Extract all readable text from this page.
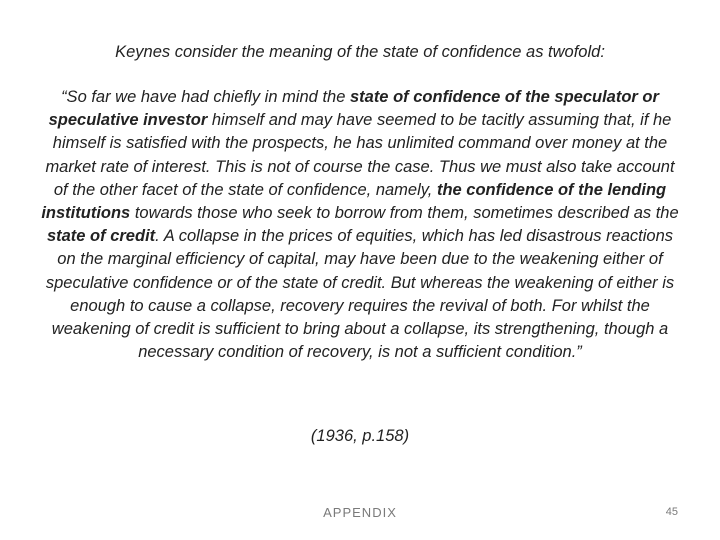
Keynes consider the meaning of the state of confidence as twofold:
“So far we have had chiefly in mind the state of confidence of the speculator or speculative investor himself and may have seemed to be tacitly assuming that, if he himself is satisfied with the prospects, he has unlimited command over money at the market rate of interest. This is not of course the case. Thus we must also take account of the other facet of the state of confidence, namely, the confidence of the lending institutions towards those who seek to borrow from them, sometimes described as the state of credit. A collapse in the prices of equities, which has led disastrous reactions on the marginal efficiency of capital, may have been due to the weakening either of speculative confidence or of the state of credit. But whereas the weakening of either is enough to cause a collapse, recovery requires the revival of both. For whilst the weakening of credit is sufficient to bring about a collapse, its strengthening, though a necessary condition of recovery, is not a sufficient condition.”
(1936, p.158)
APPENDIX	45
